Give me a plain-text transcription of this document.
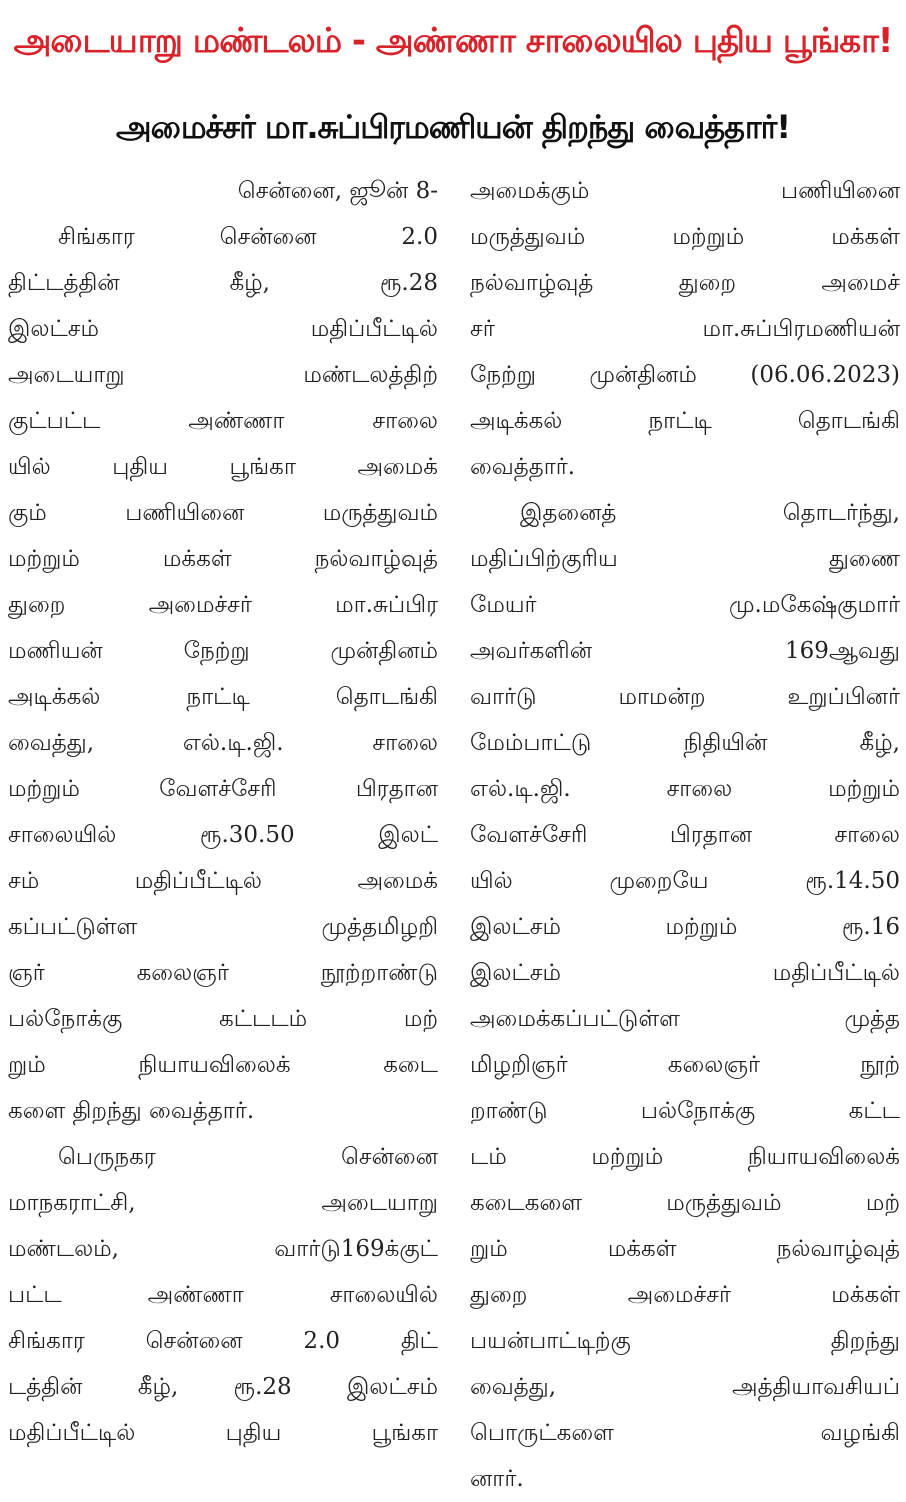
அடையாறு மண்டலம் - அண்ணா சாலையில புதிய பூங்கா!
அமைச்சர் மா.சுப்பிரமணியன் திறந்து வைத்தார்!
சென்னை, ஜூன் 8-
சிங்கார சென்னை 2.0
திட்டத்தின் கீழ், ரூ.28
இலட்சம் மதிப்பீட்டில்
அடையாறு மண்டலத்திற்
குட்பட்ட அண்ணா சாலை
யில் புதிய பூங்கா அமைக்
கும் பணியினை மருத்துவம்
மற்றும் மக்கள் நல்வாழ்வுத்
துறை அமைச்சர் மா.சுப்பிர
மணியன் நேற்று முன்தினம்
அடிக்கல் நாட்டி தொடங்கி
வைத்து, எல்.டி.ஜி. சாலை
மற்றும் வேளச்சேரி பிரதான
சாலையில் ரூ.30.50 இலட்
சம் மதிப்பீட்டில் அமைக்
கப்பட்டுள்ள முத்தமிழறி
ஞர் கலைஞர் நூற்றாண்டு
பல்நோக்கு கட்டடம் மற்
றும் நியாயவிலைக் கடை
களை திறந்து வைத்தார்.
பெருநகர சென்னை
மாநகராட்சி, அடையாறு
மண்டலம், வார்டு169க்குட்
பட்ட அண்ணா சாலையில்
சிங்கார சென்னை 2.0 திட்
டத்தின் கீழ், ரூ.28 இலட்சம்
மதிப்பீட்டில் புதிய பூங்கா
அமைக்கும் பணியினை
மருத்துவம் மற்றும் மக்கள்
நல்வாழ்வுத் துறை அமைச்
சர் மா.சுப்பிரமணியன்
நேற்று முன்தினம் (06.06.2023)
அடிக்கல் நாட்டி தொடங்கி
வைத்தார்.
இதனைத் தொடர்ந்து,
மதிப்பிற்குரிய துணை
மேயர் மு.மகேஷ்குமார்
அவர்களின் 169ஆவது
வார்டு மாமன்ற உறுப்பினர்
மேம்பாட்டு நிதியின் கீழ்,
எல்.டி.ஜி. சாலை மற்றும்
வேளச்சேரி பிரதான சாலை
யில் முறையே ரூ.14.50
இலட்சம் மற்றும் ரூ.16
இலட்சம் மதிப்பீட்டில்
அமைக்கப்பட்டுள்ள முத்த
மிழறிஞர் கலைஞர் நூற்
றாண்டு பல்நோக்கு கட்ட
டம் மற்றும் நியாயவிலைக்
கடைகளை மருத்துவம் மற்
றும் மக்கள் நல்வாழ்வுத்
துறை அமைச்சர் மக்கள்
பயன்பாட்டிற்கு திறந்து
வைத்து, அத்தியாவசியப்
பொருட்களை வழங்கி
னார்.
